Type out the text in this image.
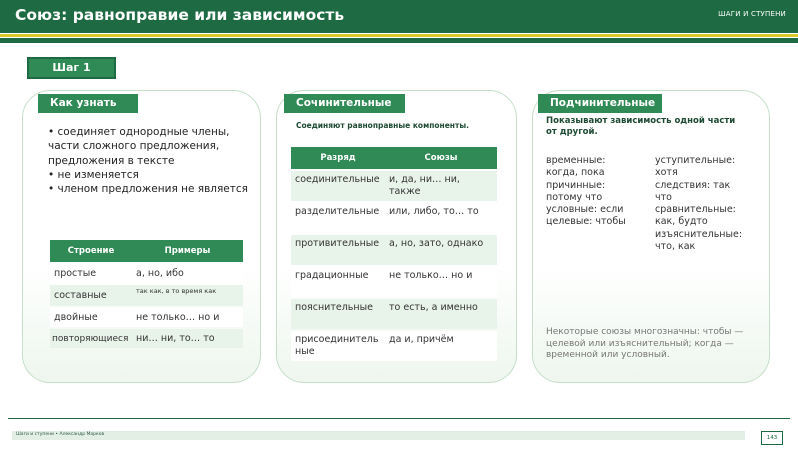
Союз: равноправие или зависимость	ШАГИ И СТУПЕНИ
Шаг 1
Как узнать
• соединяет однородные члены, части сложного предложения, предложения в тексте
• не изменяется
• членом предложения не является
Строение	Примеры
простые	а, но, ибо
составные	так как, в то время как
двойные	не только… но и
повторяющиеся	ни… ни, то… то
Сочинительные
Соединяют равноправные компоненты.
Разряд	Союзы

соединительные	и, да, ни… ни, также

разделительные	или, либо, то… то

противительные	а, но, зато, однако

градационные	не только… но и

пояснительные	то есть, а именно

присоединительные	да и, причём
Подчинительные
Показывают зависимость одной части от другой.
временные:
когда, пока
причинные:
потому что
условные: если
целевые: чтобы
уступительные:
хотя
следствия: так
что
сравнительные:
как, будто
изъяснительные:
что, как
Некоторые союзы многозначны: чтобы — целевой или изъяснительный; когда — временной или условный.
Шаги и ступени • Александр Марков
143
